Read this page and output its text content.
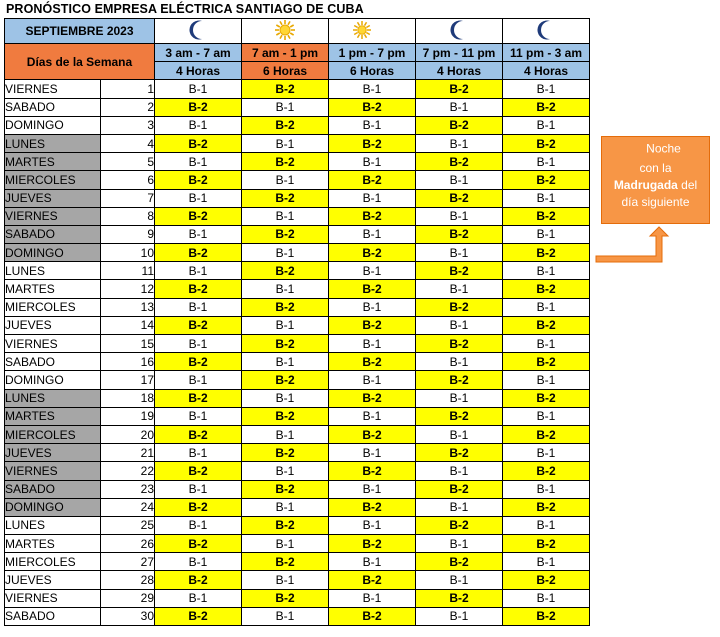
PRONÓSTICO EMPRESA ELÉCTRICA SANTIAGO DE CUBA
SEPTIEMBRE 2023					
Días de la Semana		3 am - 7 am	7 am - 1 pm	1 pm - 7 pm	7 pm - 11 pm	11 pm - 3 am
		4 Horas	6 Horas	6 Horas	4 Horas	4 Horas
VIERNES	1	B-1	B-2	B-1	B-2	B-1
SABADO	2	B-2	B-1	B-2	B-1	B-2
DOMINGO	3	B-1	B-2	B-1	B-2	B-1
LUNES	4	B-2	B-1	B-2	B-1	B-2
MARTES	5	B-1	B-2	B-1	B-2	B-1
MIERCOLES	6	B-2	B-1	B-2	B-1	B-2
JUEVES	7	B-1	B-2	B-1	B-2	B-1
VIERNES	8	B-2	B-1	B-2	B-1	B-2
SABADO	9	B-1	B-2	B-1	B-2	B-1
DOMINGO	10	B-2	B-1	B-2	B-1	B-2
LUNES	11	B-1	B-2	B-1	B-2	B-1
MARTES	12	B-2	B-1	B-2	B-1	B-2
MIERCOLES	13	B-1	B-2	B-1	B-2	B-1
JUEVES	14	B-2	B-1	B-2	B-1	B-2
VIERNES	15	B-1	B-2	B-1	B-2	B-1
SABADO	16	B-2	B-1	B-2	B-1	B-2
DOMINGO	17	B-1	B-2	B-1	B-2	B-1
LUNES	18	B-2	B-1	B-2	B-1	B-2
MARTES	19	B-1	B-2	B-1	B-2	B-1
MIERCOLES	20	B-2	B-1	B-2	B-1	B-2
JUEVES	21	B-1	B-2	B-1	B-2	B-1
VIERNES	22	B-2	B-1	B-2	B-1	B-2
SABADO	23	B-1	B-2	B-1	B-2	B-1
DOMINGO	24	B-2	B-1	B-2	B-1	B-2
LUNES	25	B-1	B-2	B-1	B-2	B-1
MARTES	26	B-2	B-1	B-2	B-1	B-2
MIERCOLES	27	B-1	B-2	B-1	B-2	B-1
JUEVES	28	B-2	B-1	B-2	B-1	B-2
VIERNES	29	B-1	B-2	B-1	B-2	B-1
SABADO	30	B-2	B-1	B-2	B-1	B-2
Noche
con la
Madrugada del
día siguiente
